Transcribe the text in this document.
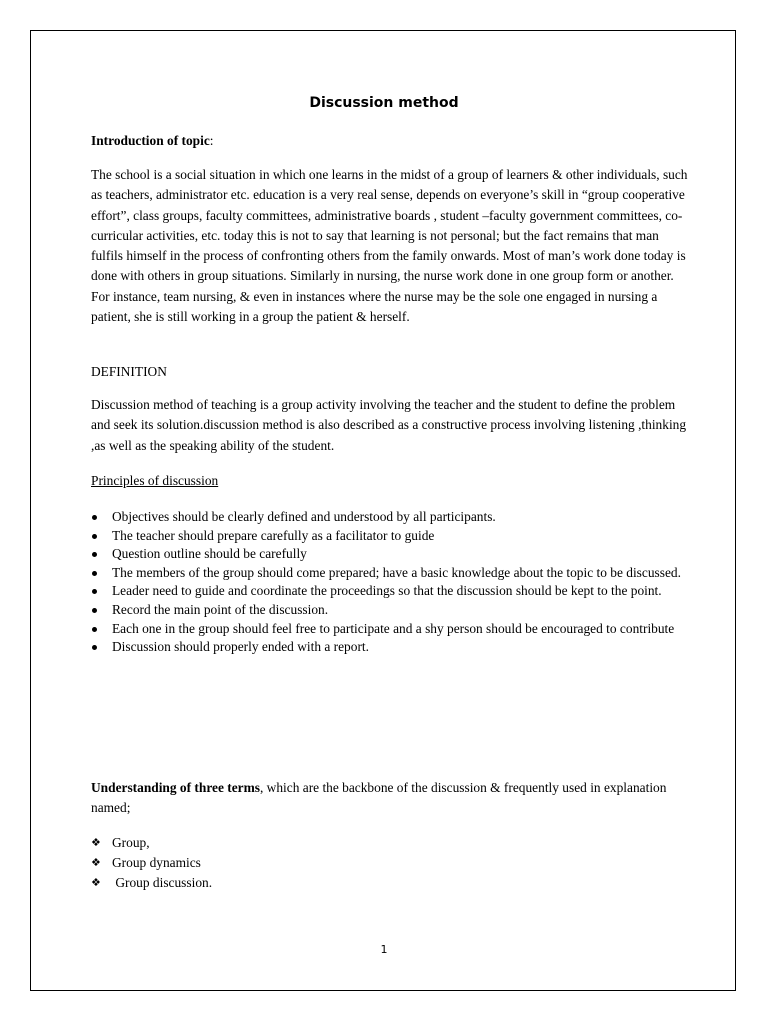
Discussion method

Introduction of topic:

The school is a social situation in which one learns in the midst of a group of learners & other individuals, such as teachers, administrator etc. education is a very real sense, depends on everyone’s skill in “group cooperative effort”, class groups, faculty committees, administrative boards , student –faculty government committees, co- curricular activities, etc. today this is not to say that learning is not personal; but the fact remains that man fulfils himself in the process of confronting others from the family onwards. Most of man’s work done today is done with others in group situations. Similarly in nursing, the nurse work done in one group form or another. For instance, team nursing, & even in instances where the nurse may be the sole one engaged in nursing a patient, she is still working in a group the patient & herself.

DEFINITION

Discussion method of teaching is a group activity involving the teacher and the student to define the problem and seek its solution.discussion method is also described as a constructive process involving listening ,thinking ,as well as the speaking ability of the student.

Principles of discussion

Objectives should be clearly defined and understood by all participants.
The teacher should prepare carefully as a facilitator to guide
Question outline should be carefully
The members of the group should come prepared; have a basic knowledge about the topic to be discussed.
Leader need to guide and coordinate the proceedings so that the discussion should be kept to the point.
Record the main point of the discussion.
Each one in the group should feel free to participate and a shy person should be encouraged to contribute
Discussion should properly ended with a report.

Understanding of three terms, which are the backbone of the discussion & frequently used in explanation named;

❖ Group,
❖ Group dynamics
❖ Group discussion.
1
